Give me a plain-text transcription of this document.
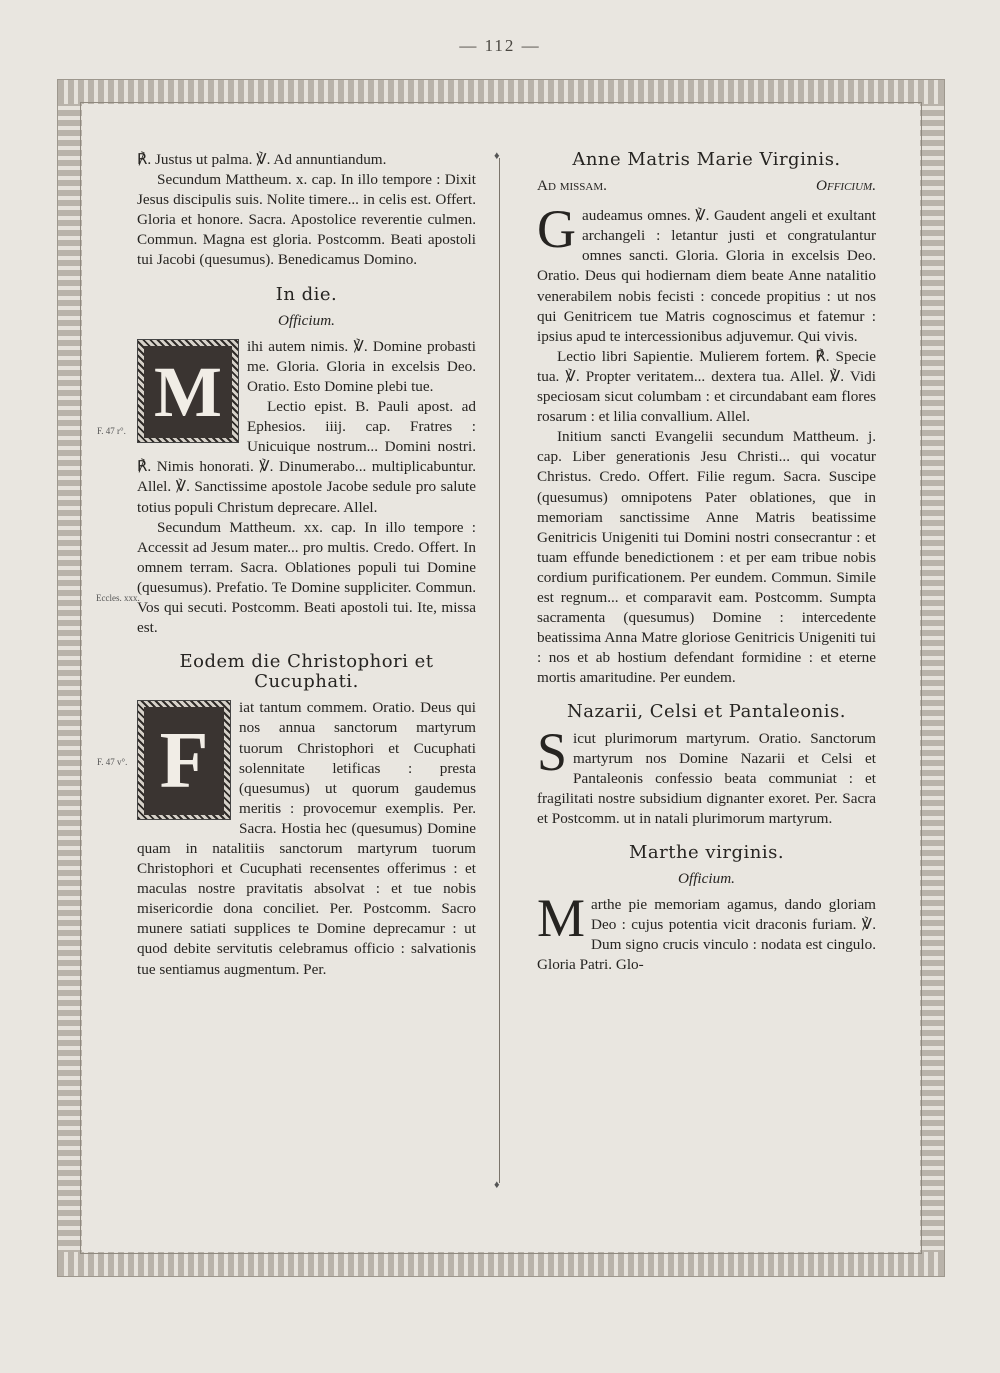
— 112 —
♦ ♦
F. 47 r°.
Eccles. xxx.
F. 47 v°.

℟. Justus ut palma. ℣. Ad annuntiandum.

Secundum Mattheum. x. cap. In illo tempore : Dixit Jesus discipulis suis. Nolite timere... in celis est. Offert. Gloria et honore. Sacra. Apostolice reverentie culmen. Commun. Magna est gloria. Postcomm. Beati apostoli tui Jacobi (quesumus). Benedicamus Domino.

In die.
Officium.
M

ihi autem nimis. ℣. Domine probasti me. Gloria. Gloria in excelsis Deo. Oratio. Esto Domine plebi tue.

Lectio epist. B. Pauli apost. ad Ephesios. iiij. cap. Fratres : Unicuique nostrum... Domini nostri. ℟. Nimis honorati. ℣. Dinumerabo... multiplicabuntur. Allel. ℣. Sanctissime apostole Jacobe sedule pro salute totius populi Christum deprecare. Allel.

Secundum Mattheum. xx. cap. In illo tempore : Accessit ad Jesum mater... pro multis. Credo. Offert. In omnem terram. Sacra. Oblationes populi tui Domine (quesumus). Prefatio. Te Domine suppliciter. Commun. Vos qui secuti. Postcomm. Beati apostoli tui. Ite, missa est.

Eodem die Christophori et Cucuphati.
F

iat tantum commem. Oratio. Deus qui nos annua sanctorum martyrum tuorum Christophori et Cucuphati solennitate letificas : presta (quesumus) ut quorum gaudemus meritis : provocemur exemplis. Per. Sacra. Hostia hec (quesumus) Domine quam in natalitiis sanctorum martyrum tuorum Christophori et Cucuphati recensentes offerimus : et maculas nostre pravitatis absolvat : et tue nobis misericordie dona conciliet. Per. Postcomm. Sacro munere satiati supplices te Domine deprecamur : ut quod debite servitutis celebramus officio : salvationis tue sentiamus augmentum. Per.

Anne Matris Marie Virginis.
Ad missam.	Officium.
G audeamus omnes. ℣. Gaudent angeli et exultant archangeli : letantur justi et congratulantur omnes sancti. Gloria. Gloria in excelsis Deo. Oratio. Deus qui hodiernam diem beate Anne natalitio venerabilem nobis fecisti : concede propitius : ut nos qui Genitricem tue Matris cognoscimus et fatemur : ipsius apud te intercessionibus adjuvemur. Qui vivis.

Lectio libri Sapientie. Mulierem fortem. ℟. Specie tua. ℣. Propter veritatem... dextera tua. Allel. ℣. Vidi speciosam sicut columbam : et circundabant eam flores rosarum : et lilia convallium. Allel.

Initium sancti Evangelii secundum Mattheum. j. cap. Liber generationis Jesu Christi... qui vocatur Christus. Credo. Offert. Filie regum. Sacra. Suscipe (quesumus) omnipotens Pater oblationes, que in memoriam sanctissime Anne Matris beatissime Genitricis Unigeniti tui Domini nostri consecrantur : et tuam effunde benedictionem : et per eam tribue nobis cordium purificationem. Per eundem. Commun. Simile est regnum... et comparavit eam. Postcomm. Sumpta sacramenta (quesumus) Domine : intercedente beatissima Anna Matre gloriose Genitricis Unigeniti tui : nos et ab hostium defendant formidine : et eterne mortis amaritudine. Per eundem.

Nazarii, Celsi et Pantaleonis.
S icut plurimorum martyrum. Oratio. Sanctorum martyrum nos Domine Nazarii et Celsi et Pantaleonis confessio beata communiat : et fragilitati nostre subsidium dignanter exoret. Per. Sacra et Postcomm. ut in natali plurimorum martyrum.

Marthe virginis.
Officium.
M arthe pie memoriam agamus, dando gloriam Deo : cujus potentia vicit draconis furiam. ℣. Dum signo crucis vinculo : nodata est cingulo. Gloria Patri. Glo-
